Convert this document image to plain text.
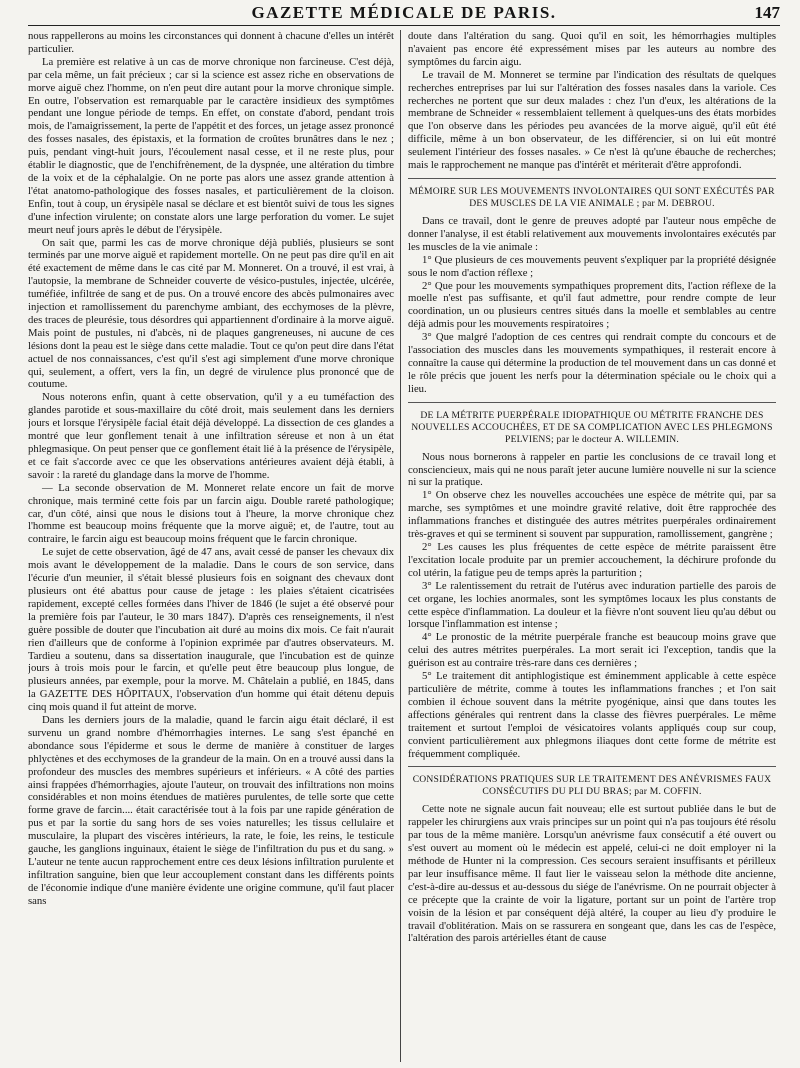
GAZETTE MÉDICALE DE PARIS.	147

nous rappellerons au moins les circonstances qui donnent à chacune d'elles un intérêt particulier.

La première est relative à un cas de morve chronique non farcineuse. C'est déjà, par cela même, un fait précieux ; car si la science est assez riche en observations de morve aiguë chez l'homme, on n'en peut dire autant pour la morve chronique simple. En outre, l'observation est remarquable par le caractère insidieux des symptômes pendant une longue période de temps. En effet, on constate d'abord, pendant trois mois, de l'amaigrissement, la perte de l'appétit et des forces, un jetage assez prononcé des fosses nasales, des épistaxis, et la formation de croûtes brunâtres dans le nez ; puis, pendant vingt-huit jours, l'écoulement nasal cesse, et il ne reste plus, pour établir le diagnostic, que de l'enchifrènement, de la dyspnée, une altération du timbre de la voix et de la céphalalgie. On ne porte pas alors une assez grande attention à l'état anatomo-pathologique des fosses nasales, et particulièrement de la cloison. Enfin, tout à coup, un érysipèle nasal se déclare et est bientôt suivi de tous les signes d'une infection virulente; on constate alors une large perforation du vomer. Le sujet meurt neuf jours après le début de l'érysipèle.

On sait que, parmi les cas de morve chronique déjà publiés, plusieurs se sont terminés par une morve aiguë et rapidement mortelle. On ne peut pas dire qu'il en ait été exactement de même dans le cas cité par M. Monneret. On a trouvé, il est vrai, à l'autopsie, la membrane de Schneider couverte de vésico-pustules, injectée, ulcérée, tuméfiée, infiltrée de sang et de pus. On a trouvé encore des abcès pulmonaires avec injection et ramollissement du parenchyme ambiant, des ecchymoses de la plèvre, des traces de pleurésie, tous désordres qui appartiennent d'ordinaire à la morve aiguë. Mais point de pustules, ni d'abcès, ni de plaques gangreneuses, ni aucune de ces lésions dont la peau est le siège dans cette maladie. Tout ce qu'on peut dire dans l'état actuel de nos connaissances, c'est qu'il s'est agi simplement d'une morve chronique qui, seulement, a offert, vers la fin, un degré de virulence plus prononcé que de coutume.

Nous noterons enfin, quant à cette observation, qu'il y a eu tuméfaction des glandes parotide et sous-maxillaire du côté droit, mais seulement dans les derniers jours et lorsque l'érysipèle facial était déjà développé. La dissection de ces glandes a montré que leur gonflement tenait à une infiltration séreuse et non à un état phlegmasique. On peut penser que ce gonflement était lié à la présence de l'érysipèle, et ce fait s'accorde avec ce que les observations antérieures avaient déjà établi, à savoir : la rareté du glandage dans la morve de l'homme.

— La seconde observation de M. Monneret relate encore un fait de morve chronique, mais terminé cette fois par un farcin aigu. Double rareté pathologique; car, d'un côté, ainsi que nous le disions tout à l'heure, la morve chronique chez l'homme est beaucoup moins fréquente que la morve aiguë; et, de l'autre, tout au contraire, le farcin aigu est beaucoup moins fréquent que le farcin chronique.

Le sujet de cette observation, âgé de 47 ans, avait cessé de panser les chevaux dix mois avant le développement de la maladie. Dans le cours de son service, dans l'écurie d'un meunier, il s'était blessé plusieurs fois en soignant des chevaux dont plusieurs ont été abattus pour cause de jetage : les plaies s'étaient cicatrisées rapidement, excepté celles formées dans l'hiver de 1846 (le sujet a été observé pour la première fois par l'auteur, le 30 mars 1847). D'après ces renseignements, il n'est guère possible de douter que l'incubation ait duré au moins dix mois. Ce fait n'aurait rien d'ailleurs que de conforme à l'opinion exprimée par d'autres observateurs. M. Tardieu a soutenu, dans sa dissertation inaugurale, que l'incubation est de quinze jours à trois mois pour le farcin, et qu'elle peut être beaucoup plus longue, de plusieurs années, par exemple, pour la morve. M. Châtelain a publié, en 1845, dans la GAZETTE DES HÔPITAUX, l'observation d'un homme qui était détenu depuis cinq mois quand il fut atteint de morve.

Dans les derniers jours de la maladie, quand le farcin aigu était déclaré, il est survenu un grand nombre d'hémorrhagies internes. Le sang s'est épanché en abondance sous l'épiderme et sous le derme de manière à constituer de larges phlyctènes et des ecchymoses de la grandeur de la main. On en a trouvé aussi dans la profondeur des muscles des membres supérieurs et inférieurs. « A côté des parties ainsi frappées d'hémorrhagies, ajoute l'auteur, on trouvait des infiltrations non moins considérables et non moins étendues de matières purulentes, de telle sorte que cette forme grave de farcin.... était caractérisée tout à la fois par une rapide génération de pus et par la sortie du sang hors de ses voies naturelles; les tissus cellulaire et musculaire, la plupart des viscères intérieurs, la rate, le foie, les reins, le testicule gauche, les ganglions inguinaux, étaient le siège de l'infiltration du pus et du sang. » L'auteur ne tente aucun rapprochement entre ces deux lésions infiltration purulente et infiltration sanguine, bien que leur accouplement constant dans les différents points de l'économie indique d'une manière évidente une origine commune, qu'il faut placer sans

doute dans l'altération du sang. Quoi qu'il en soit, les hémorrhagies multiples n'avaient pas encore été expressément mises par les auteurs au nombre des symptômes du farcin aigu.

Le travail de M. Monneret se termine par l'indication des résultats de quelques recherches entreprises par lui sur l'altération des fosses nasales dans la variole. Ces recherches ne portent que sur deux malades : chez l'un d'eux, les altérations de la membrane de Schneider « ressemblaient tellement à quelques-uns des états morbides que l'on observe dans les périodes peu avancées de la morve aiguë, qu'il eût été difficile, même à un bon observateur, de les différencier, si on lui eût montré seulement l'intérieur des fosses nasales. » Ce n'est là qu'une ébauche de recherches; mais le rapprochement ne manque pas d'intérêt et mériterait d'être approfondi.

MÉMOIRE SUR LES MOUVEMENTS INVOLONTAIRES QUI SONT EXÉCUTÉS PAR DES MUSCLES DE LA VIE ANIMALE ; par M. DEBROU.

Dans ce travail, dont le genre de preuves adopté par l'auteur nous empêche de donner l'analyse, il est établi relativement aux mouvements involontaires exécutés par les muscles de la vie animale :

1° Que plusieurs de ces mouvements peuvent s'expliquer par la propriété désignée sous le nom d'action réflexe ;

2° Que pour les mouvements sympathiques proprement dits, l'action réflexe de la moelle n'est pas suffisante, et qu'il faut admettre, pour rendre compte de leur coordination, un ou plusieurs centres situés dans la moelle et semblables au centre déjà admis pour les mouvements respiratoires ;

3° Que malgré l'adoption de ces centres qui rendrait compte du concours et de l'association des muscles dans les mouvements sympathiques, il resterait encore à connaître la cause qui détermine la production de tel mouvement dans un cas donné et le rôle précis que jouent les nerfs pour la détermination spéciale ou le choix qui a lieu.

DE LA MÉTRITE PUERPÉRALE IDIOPATHIQUE OU MÉTRITE FRANCHE DES NOUVELLES ACCOUCHÉES, ET DE SA COMPLICATION AVEC LES PHLEGMONS PELVIENS; par le docteur A. WILLEMIN.

Nous nous bornerons à rappeler en partie les conclusions de ce travail long et consciencieux, mais qui ne nous paraît jeter aucune lumière nouvelle ni sur la science ni sur la pratique.

1° On observe chez les nouvelles accouchées une espèce de métrite qui, par sa marche, ses symptômes et une moindre gravité relative, doit être rapprochée des inflammations franches et distinguée des autres métrites puerpérales ordinairement très-graves et qui se terminent si souvent par suppuration, ramollissement, gangrène ;

2° Les causes les plus fréquentes de cette espèce de métrite paraissent être l'excitation locale produite par un premier accouchement, la déchirure profonde du col utérin, la fatigue peu de temps après la parturition ;

3° Le ralentissement du retrait de l'utérus avec induration partielle des parois de cet organe, les lochies anormales, sont les symptômes locaux les plus constants de cette espèce d'inflammation. La douleur et la fièvre n'ont souvent lieu qu'au début ou lorsque l'inflammation est intense ;

4° Le pronostic de la métrite puerpérale franche est beaucoup moins grave que celui des autres métrites puerpérales. La mort serait ici l'exception, tandis que la guérison est au contraire très-rare dans ces dernières ;

5° Le traitement dit antiphlogistique est éminemment applicable à cette espèce particulière de métrite, comme à toutes les inflammations franches ; et l'on sait combien il échoue souvent dans la métrite pyogénique, ainsi que dans toutes les affections générales qui rentrent dans la classe des fièvres puerpérales. Le même traitement et surtout l'emploi de vésicatoires volants appliqués coup sur coup, convient particulièrement aux phlegmons iliaques dont cette forme de métrite est fréquemment compliquée.

CONSIDÉRATIONS PRATIQUES SUR LE TRAITEMENT DES ANÉVRISMES FAUX CONSÉCUTIFS DU PLI DU BRAS; par M. COFFIN.

Cette note ne signale aucun fait nouveau; elle est surtout publiée dans le but de rappeler les chirurgiens aux vrais principes sur un point qui n'a pas toujours été résolu par tous de la même manière. Lorsqu'un anévrisme faux consécutif a été ouvert ou s'est ouvert au moment où le médecin est appelé, celui-ci ne doit employer ni la méthode de Hunter ni la compression. Ces secours seraient insuffisants et périlleux par leur insuffisance même. Il faut lier le vaisseau selon la méthode dite ancienne, c'est-à-dire au-dessus et au-dessous du siége de l'anévrisme. On ne pourrait objecter à ce précepte que la crainte de voir la ligature, portant sur un point de l'artère trop voisin de la lésion et par conséquent déjà altéré, la couper au lieu d'y produire le travail d'oblitération. Mais on se rassurera en songeant que, dans les cas de l'espèce, l'altération des parois artérielles étant de cause
